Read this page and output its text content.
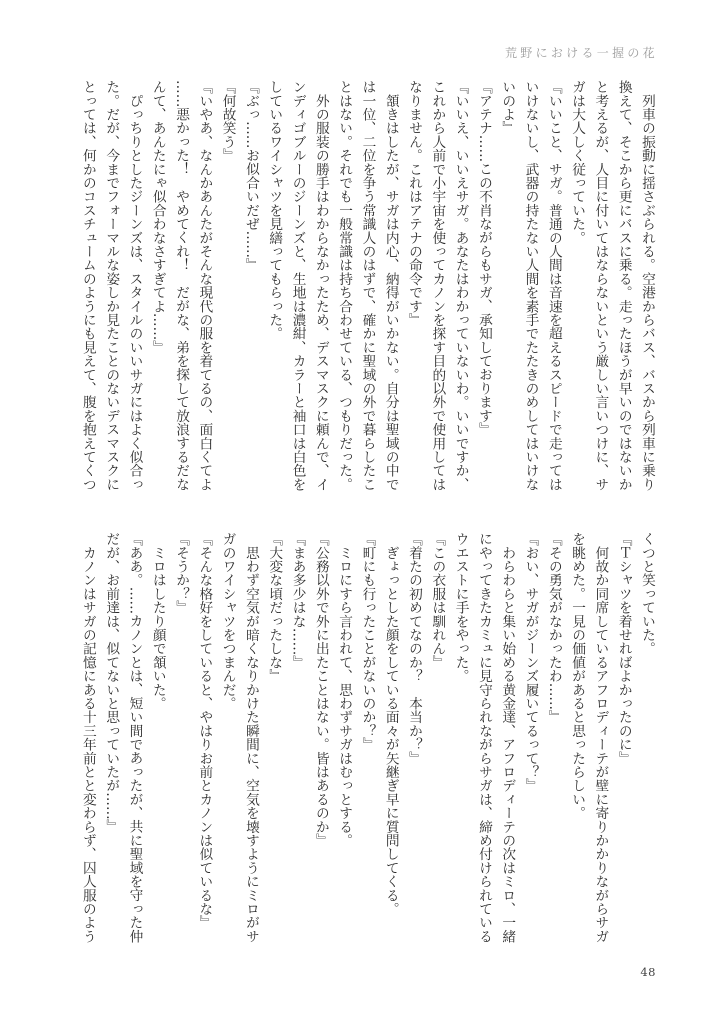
荒野における一握の花
　列車の振動に揺さぶられる。空港からバス、バスから列車に乗り
換えて、そこから更にバスに乗る。走ったほうが早いのではないか
と考えるが、人目に付いてはならないという厳しい言いつけに、サ
ガは大人しく従っていた。
『いいこと、サガ。普通の人間は音速を超えるスピードで走っては
いけないし、武器の持たない人間を素手でたたきのめしてはいけな
いのよ』
『アテナ……この不肖ながらもサガ、承知しております』
『いいえ、いいえサガ。あなたはわかっていないわ。いいですか、
これから人前で小宇宙を使ってカノンを探す目的以外で使用しては
なりません。これはアテナの命令です』
　頷きはしたが、サガは内心、納得がいかない。自分は聖域の中で
は一位、二位を争う常識人のはずで、確かに聖域の外で暮らしたこ
とはない。それでも一般常識は持ち合わせている、つもりだった。
　外の服装の勝手はわからなかったため、デスマスクに頼んで、イ
ンディゴブルーのジーンズと、生地は濃紺、カラーと袖口は白色を
しているワイシャツを見繕ってもらった。
『ぶっ……お似合いだぜ……』
『何故笑う』
『いやあ、なんかあんたがそんな現代の服を着てるの、面白くてよ
……悪かった！　やめてくれ！　だがな、弟を探して放浪するだな
んて、あんたにゃ似合わなさすぎてよ……』
　ぴっちりとしたジーンズは、スタイルのいいサガにはよく似合っ
た。だが、今までフォーマルな姿しか見たことのないデスマスクに
とっては、何かのコスチュームのようにも見えて、腹を抱えてくつ
くつと笑っていた。
『Ｔシャツを着せればよかったのに』
　何故か同席しているアフロディーテが壁に寄りかかりながらサガ
を眺めた。一見の価値があると思ったらしい。
『その勇気がなかったわ……』
『おい、サガがジーンズ履いてるって？』
　わらわらと集い始める黄金達、アフロディーテの次はミロ、一緒
にやってきたカミュに見守られながらサガは、締め付けられている
ウエストに手をやった。
『この衣服は馴れん』
『着たの初めてなのか？　本当か？』
　ぎょっとした顔をしている面々が矢継ぎ早に質問してくる。
『町にも行ったことがないのか？』
　ミロにすら言われて、思わずサガはむっとする。
『公務以外で外に出たことはない。皆はあるのか』
『まあ多少はな……』
『大変な頃だったしな』
　思わず空気が暗くなりかけた瞬間に、空気を壊すようにミロがサ
ガのワイシャツをつまんだ。
『そんな格好をしていると、やはりお前とカノンは似ているな』
『そうか？』
　ミロはしたり顔で頷いた。
『ああ。……カノンとは、短い間であったが、共に聖域を守った仲
だが、お前達は、似てないと思っていたが……』
　カノンはサガの記憶にある十三年前とと変わらず、囚人服のよう
48
